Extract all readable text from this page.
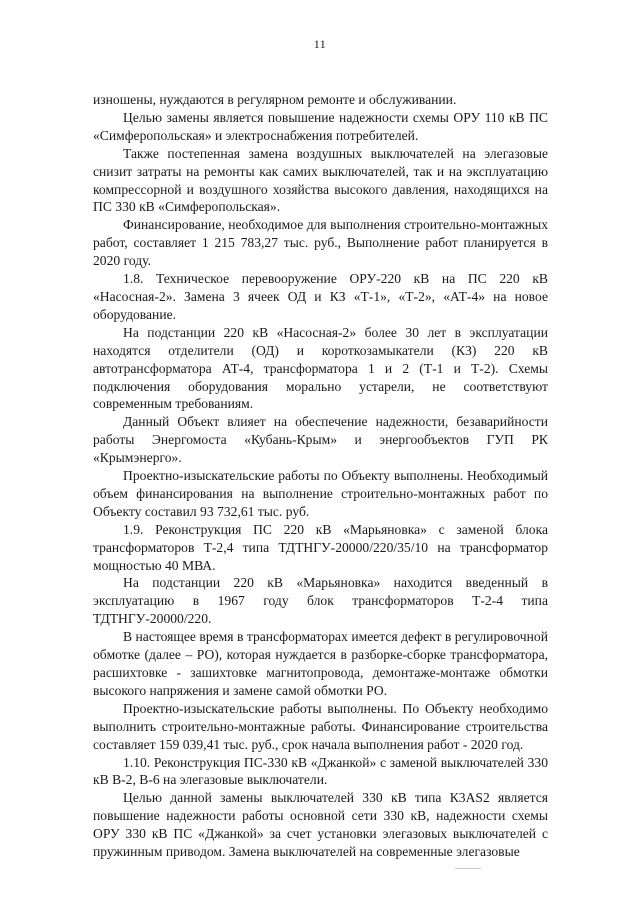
11

изношены, нуждаются в регулярном ремонте и обслуживании.

Целью замены является повышение надежности схемы ОРУ 110 кВ ПС «Симферопольская» и электроснабжения потребителей.

Также постепенная замена воздушных выключателей на элегазовые снизит затраты на ремонты как самих выключателей, так и на эксплуатацию компрессорной и воздушного хозяйства высокого давления, находящихся на ПС 330 кВ «Симферопольская».

Финансирование, необходимое для выполнения строительно-монтажных работ, составляет 1 215 783,27 тыс. руб., Выполнение работ планируется в 2020 году.

1.8. Техническое перевооружение ОРУ-220 кВ на ПС 220 кВ «Насосная-2». Замена 3 ячеек ОД и КЗ «Т-1», «Т-2», «АТ-4» на новое оборудование.

На подстанции 220 кВ «Насосная-2» более 30 лет в эксплуатации находятся отделители (ОД) и короткозамыкатели (КЗ) 220 кВ автотрансформатора АТ-4, трансформатора 1 и 2 (Т-1 и Т-2). Схемы подключения оборудования морально устарели, не соответствуют современным требованиям.

Данный Объект влияет на обеспечение надежности, безаварийности работы Энергомоста «Кубань-Крым» и энергообъектов ГУП РК «Крымэнерго».

Проектно-изыскательские работы по Объекту выполнены. Необходимый объем финансирования на выполнение строительно-монтажных работ по Объекту составил 93 732,61 тыс. руб.

1.9. Реконструкция ПС 220 кВ «Марьяновка» с заменой блока трансформаторов Т-2,4 типа ТДТНГУ-20000/220/35/10 на трансформатор мощностью 40 МВА.

На подстанции 220 кВ «Марьяновка» находится введенный в эксплуатацию в 1967 году блок трансформаторов Т-2-4 типа ТДТНГУ-20000/220.

В настоящее время в трансформаторах имеется дефект в регулировочной обмотке (далее – РО), которая нуждается в разборке-сборке трансформатора, расшихтовке - зашихтовке магнитопровода, демонтаже-монтаже обмотки высокого напряжения и замене самой обмотки РО.

Проектно-изыскательские работы выполнены. По Объекту необходимо выполнить строительно-монтажные работы. Финансирование строительства составляет 159 039,41 тыс. руб., срок начала выполнения работ - 2020 год.

1.10. Реконструкция ПС-330 кВ «Джанкой» с заменой выключателей 330 кВ В-2, В-6 на элегазовые выключатели.

Целью данной замены выключателей 330 кВ типа К3АS2 является повышение надежности работы основной сети 330 кВ, надежности схемы ОРУ 330 кВ ПС «Джанкой» за счет установки элегазовых выключателей с пружинным приводом. Замена выключателей на современные элегазовые
